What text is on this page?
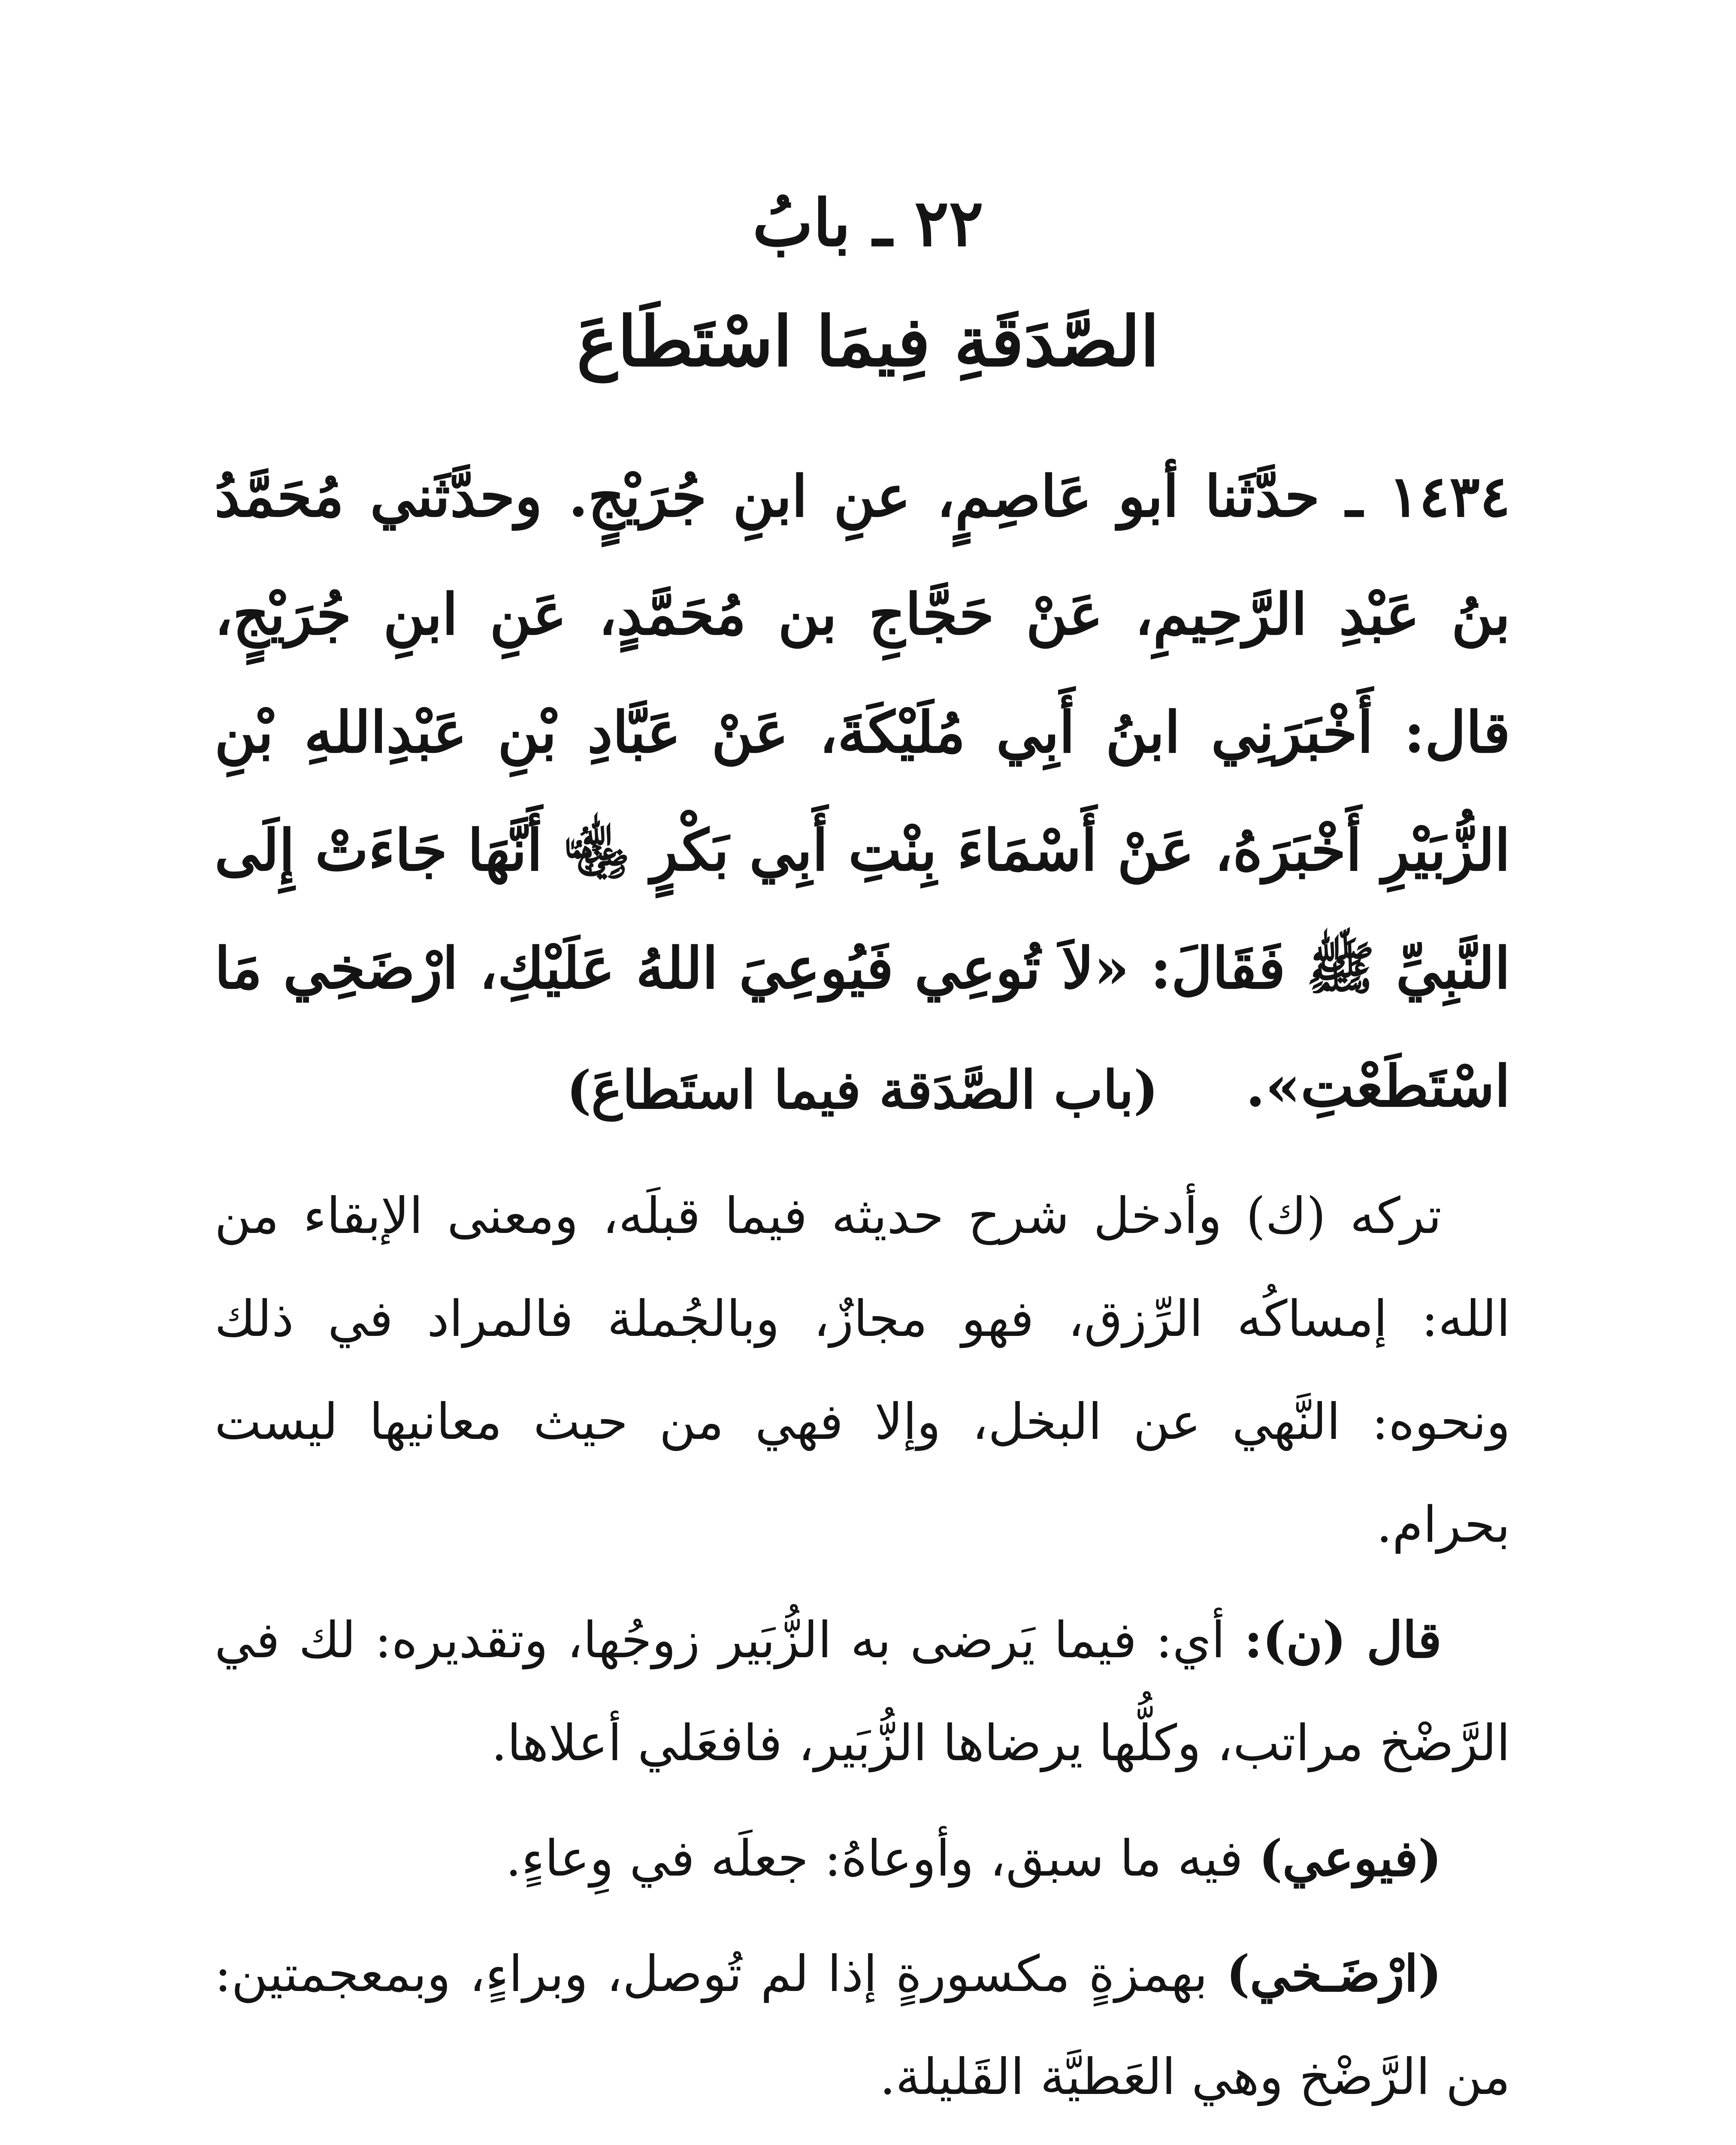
٢٢ ـ بابُ
الصَّدَقَةِ فِيمَا اسْتَطَاعَ
١٤٣٤ ـ حدَّثَنا أبو عَاصِمٍ، عنِ ابنِ جُرَيْجٍ. وحدَّثَني مُحَمَّدُ بنُ عَبْدِ الرَّحِيمِ، عَنْ حَجَّاجِ بن مُحَمَّدٍ، عَنِ ابنِ جُرَيْجٍ، قال: أَخْبَرَنِي ابنُ أَبِي مُلَيْكَةَ، عَنْ عَبَّادِ بْنِ عَبْدِاللهِ بْنِ الزُّبَيْرِ أَخْبَرَهُ، عَنْ أَسْمَاءَ بِنْتِ أَبِي بَكْرٍ ﵄ أَنَّهَا جَاءَتْ إِلَى النَّبِيِّ ﷺ فَقَالَ: «لاَ تُوعِي فَيُوعِيَ اللهُ عَلَيْكِ، ارْضَخِي مَا اسْتَطَعْتِ».
(باب الصَّدَقة فيما استَطاعَ)

تركه (ك) وأدخل شرح حديثه فيما قبلَه، ومعنى الإبقاء من الله: إمساكُه الرِّزق، فهو مجازٌ، وبالجُملة فالمراد في ذلك ونحوه: النَّهي عن البخل، وإلا فهي من حيث معانيها ليست بحرام.

قال (ن): أي: فيما يَرضى به الزُّبَير زوجُها، وتقديره: لك في الرَّضْخ مراتب، وكلُّها يرضاها الزُّبَير، فافعَلي أعلاها.

(فيوعي) فيه ما سبق، وأوعاهُ: جعلَه في وِعاءٍ.

(ارْضَـخي) بهمزةٍ مكسورةٍ إذا لم تُوصل، وبراءٍ، وبمعجمتين: من الرَّضْخ وهي العَطيَّة القَليلة.
